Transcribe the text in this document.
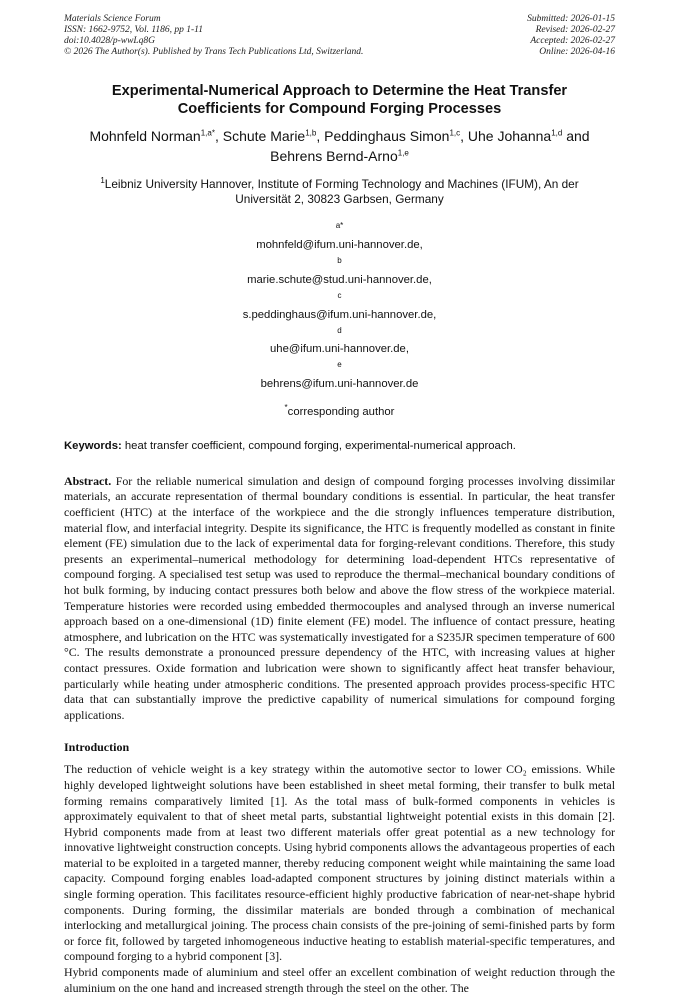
Materials Science Forum
ISSN: 1662-9752, Vol. 1186, pp 1-11
doi:10.4028/p-wwLq8G
© 2026 The Author(s). Published by Trans Tech Publications Ltd, Switzerland.
Submitted: 2026-01-15
Revised: 2026-02-27
Accepted: 2026-02-27
Online: 2026-04-16
Experimental-Numerical Approach to Determine the Heat Transfer
Coefficients for Compound Forging Processes
Mohnfeld Norman$^{1,a*}$, Schute Marie$^{1,b}$, Peddinghaus Simon$^{1,c}$, Uhe Johanna$^{1,d}$ and Behrens Bernd-Arno$^{1,e}$
$^1$Leibniz University Hannover, Institute of Forming Technology and Machines (IFUM), An der Universität 2, 30823 Garbsen, Germany
$^{a*}$
mohnfeld@ifum.uni-hannover.de,
$^b$
marie.schute@stud.uni-hannover.de,
$^c$
s.peddinghaus@ifum.uni-hannover.de,
$^d$
uhe@ifum.uni-hannover.de,
$^e$
behrens@ifum.uni-hannover.de
*corresponding author
Keywords: heat transfer coefficient, compound forging, experimental-numerical approach.
Abstract. For the reliable numerical simulation and design of compound forging processes involving dissimilar materials, an accurate representation of thermal boundary conditions is essential. In particular, the heat transfer coefficient (HTC) at the interface of the workpiece and the die strongly influences temperature distribution, material flow, and interfacial integrity. Despite its significance, the HTC is frequently modelled as constant in finite element (FE) simulation due to the lack of experimental data for forging-relevant conditions. Therefore, this study presents an experimental–numerical methodology for determining load-dependent HTCs representative of compound forging. A specialised test setup was used to reproduce the thermal–mechanical boundary conditions of hot bulk forming, by inducing contact pressures both below and above the flow stress of the workpiece material. Temperature histories were recorded using embedded thermocouples and analysed through an inverse numerical approach based on a one-dimensional (1D) finite element (FE) model. The influence of contact pressure, heating atmosphere, and lubrication on the HTC was systematically investigated for a S235JR specimen temperature of 600 °C. The results demonstrate a pronounced pressure dependency of the HTC, with increasing values at higher contact pressures. Oxide formation and lubrication were shown to significantly affect heat transfer behaviour, particularly while heating under atmospheric conditions. The presented approach provides process-specific HTC data that can substantially improve the predictive capability of numerical simulations for compound forging applications.
Introduction

The reduction of vehicle weight is a key strategy within the automotive sector to lower CO₂ emissions. While highly developed lightweight solutions have been established in sheet metal forming, their transfer to bulk metal forming remains comparatively limited [1]. As the total mass of bulk-formed components in vehicles is approximately equivalent to that of sheet metal parts, substantial lightweight potential exists in this domain [2]. Hybrid components made from at least two different materials offer great potential as a new technology for innovative lightweight construction concepts. Using hybrid components allows the advantageous properties of each material to be exploited in a targeted manner, thereby reducing component weight while maintaining the same load capacity. Compound forging enables load-adapted component structures by joining distinct materials within a single forming operation. This facilitates resource-efficient highly productive fabrication of near-net-shape hybrid components. During forming, the dissimilar materials are bonded through a combination of mechanical interlocking and metallurgical joining. The process chain consists of the pre-joining of semi-finished parts by form or force fit, followed by targeted inhomogeneous inductive heating to establish material-specific temperatures, and compound forging to a hybrid component [3].

Hybrid components made of aluminium and steel offer an excellent combination of weight reduction through the aluminium on the one hand and increased strength through the steel on the other. The
